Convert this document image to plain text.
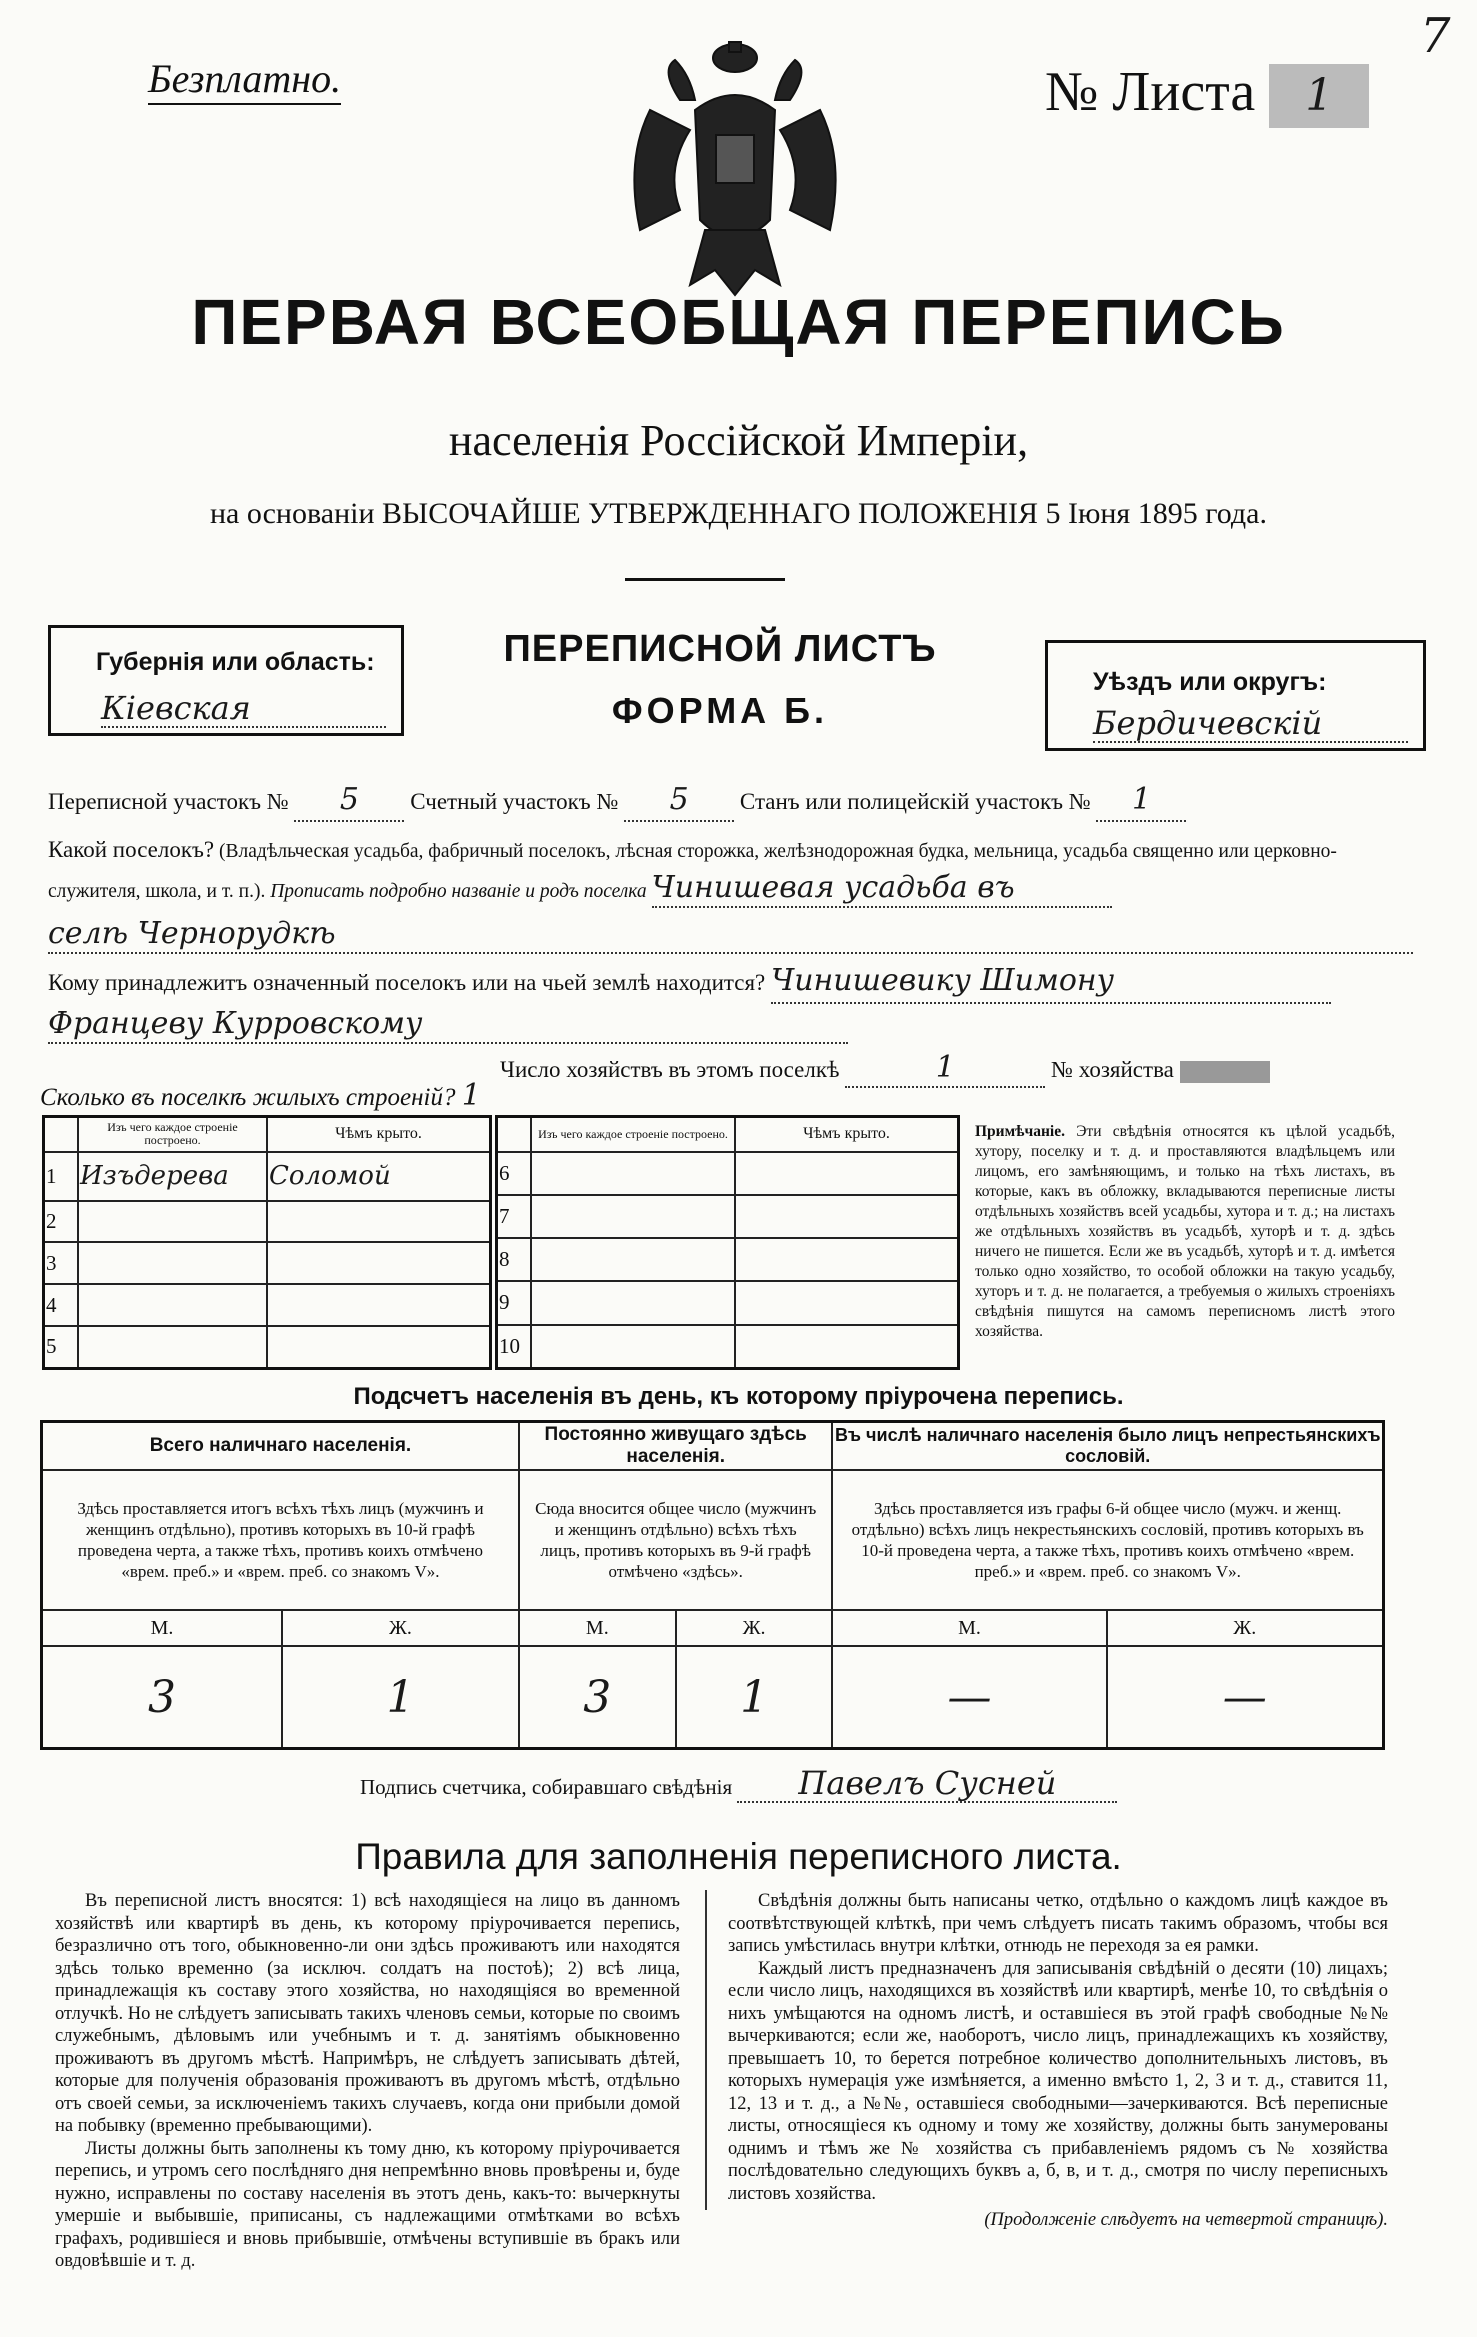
Безплатно.	№ Листа 1
7
ПЕРВАЯ ВСЕОБЩАЯ ПЕРЕПИСЬ
населенія Россійской Имперіи,
на основаніи ВЫСОЧАЙШЕ УТВЕРЖДЕННАГО ПОЛОЖЕНІЯ 5 Іюня 1895 года.
Губернія или область:
Кіевская
ПЕРЕПИСНОЙ ЛИСТЪ
ФОРМА Б.
Уѣздъ или округъ:
Бердичевскій
Переписной участокъ № 5 Счетный участокъ № 5 Станъ или полицейскій участокъ № 1
Какой поселокъ? (Владѣльческая усадьба, фабричный поселокъ, лѣсная сторожка, желѣзнодорожная будка, мельница, усадьба священно или церковно-служителя, школа, и т. п.). Прописать подробно названіе и родъ поселка Чинишевая усадьба въ
селѣ Чернорудкѣ
Кому принадлежитъ означенный поселокъ или на чьей землѣ находится? Чинишевику Шимону
Францеву Курровскому
Число хозяйствъ въ этомъ поселкѣ	1	№ хозяйства
Сколько въ поселкѣ жилыхъ строеній? 1
	Изъ чего каждое строеніе построено.	Чѣмъ крыто.
1	Изъдерева	Соломой
2		
3		
4		
5		
	Изъ чего каждое строеніе построено.	Чѣмъ крыто.
6		
7		
8		
9		
10		
Примѣчаніе. Эти свѣдѣнія относятся къ цѣлой усадьбѣ, хутору, поселку и т. д. и проставляются владѣльцемъ или лицомъ, его замѣняющимъ, и только на тѣхъ листахъ, въ которые, какъ въ обложку, вкладываются переписные листы отдѣльныхъ хозяйствъ всей усадьбы, хутора и т. д.; на листахъ же отдѣльныхъ хозяйствъ въ усадьбѣ, хуторѣ и т. д. здѣсь ничего не пишется. Если же въ усадьбѣ, хуторѣ и т. д. имѣется только одно хозяйство, то особой обложки на такую усадьбу, хуторъ и т. д. не полагается, а требуемыя о жилыхъ строеніяхъ свѣдѣнія пишутся на самомъ переписномъ листѣ этого хозяйства.
Подсчетъ населенія въ день, къ которому пріурочена перепись.
Всего наличнаго населенія.		Постоянно живущаго здѣсь населенія.		Въ числѣ наличнаго населенія было лицъ непрестьянскихъ сословій.	
Здѣсь проставляется итогъ всѣхъ тѣхъ лицъ (мужчинъ и женщинъ отдѣльно), противъ которыхъ въ 10-й графѣ проведена черта, а также тѣхъ, противъ коихъ отмѣчено «врем. преб.» и «врем. преб. со знакомъ V».		Сюда вносится общее число (мужчинъ и женщинъ отдѣльно) всѣхъ тѣхъ лицъ, противъ которыхъ въ 9-й графѣ отмѣчено «здѣсь».		Здѣсь проставляется изъ графы 6-й общее число (мужч. и женщ. отдѣльно) всѣхъ лицъ некрестьянскихъ сословій, противъ которыхъ въ 10-й проведена черта, а также тѣхъ, противъ коихъ отмѣчено «врем. преб.» и «врем. преб. со знакомъ V».	
М.	Ж.	М.	Ж.	М.	Ж.
3	1	3	1	—	—
Подпись счетчика, собиравшаго свѣдѣнія Павелъ Сусней
Правила для заполненія переписного листа.

Въ переписной листъ вносятся: 1) всѣ находящіеся на лицо въ данномъ хозяйствѣ или квартирѣ въ день, къ которому пріурочивается перепись, безразлично отъ того, обыкновенно-ли они здѣсь проживаютъ или находятся здѣсь только временно (за исключ. солдатъ на постоѣ); 2) всѣ лица, принадлежащія къ составу этого хозяйства, но находящіяся во временной отлучкѣ. Но не слѣдуетъ записывать такихъ членовъ семьи, которые по своимъ служебнымъ, дѣловымъ или учебнымъ и т. д. занятіямъ обыкновенно проживаютъ въ другомъ мѣстѣ. Напримѣръ, не слѣдуетъ записывать дѣтей, которые для полученія образованія проживаютъ въ другомъ мѣстѣ, отдѣльно отъ своей семьи, за исключеніемъ такихъ случаевъ, когда они прибыли домой на побывку (временно пребывающими).

Листы должны быть заполнены къ тому дню, къ которому пріурочивается перепись, и утромъ сего послѣдняго дня непремѣнно вновь провѣрены и, буде нужно, исправлены по составу населенія въ этотъ день, какъ-то: вычеркнуты умершіе и выбывшіе, приписаны, съ надлежащими отмѣтками во всѣхъ графахъ, родившіеся и вновь прибывшіе, отмѣчены вступившіе въ бракъ или овдовѣвшіе и т. д.

Свѣдѣнія должны быть написаны четко, отдѣльно о каждомъ лицѣ каждое въ соотвѣтствующей клѣткѣ, при чемъ слѣдуетъ писать такимъ образомъ, чтобы вся запись умѣстилась внутри клѣтки, отнюдь не переходя за ея рамки.

Каждый листъ предназначенъ для записыванія свѣдѣній о десяти (10) лицахъ; если число лицъ, находящихся въ хозяйствѣ или квартирѣ, менѣе 10, то свѣдѣнія о нихъ умѣщаются на одномъ листѣ, и оставшіеся въ этой графѣ свободные №№ вычеркиваются; если же, наоборотъ, число лицъ, принадлежащихъ къ хозяйству, превышаетъ 10, то берется потребное количество дополнительныхъ листовъ, въ которыхъ нумерація уже измѣняется, а именно вмѣсто 1, 2, 3 и т. д., ставится 11, 12, 13 и т. д., а №№, оставшіеся свободными—зачеркиваются. Всѣ переписные листы, относящіеся къ одному и тому же хозяйству, должны быть занумерованы однимъ и тѣмъ же № хозяйства съ прибавленіемъ рядомъ съ № хозяйства послѣдовательно следующихъ буквъ а, б, в, и т. д., смотря по числу переписныхъ листовъ хозяйства.

(Продолженіе слѣдуетъ на четвертой страницѣ).
